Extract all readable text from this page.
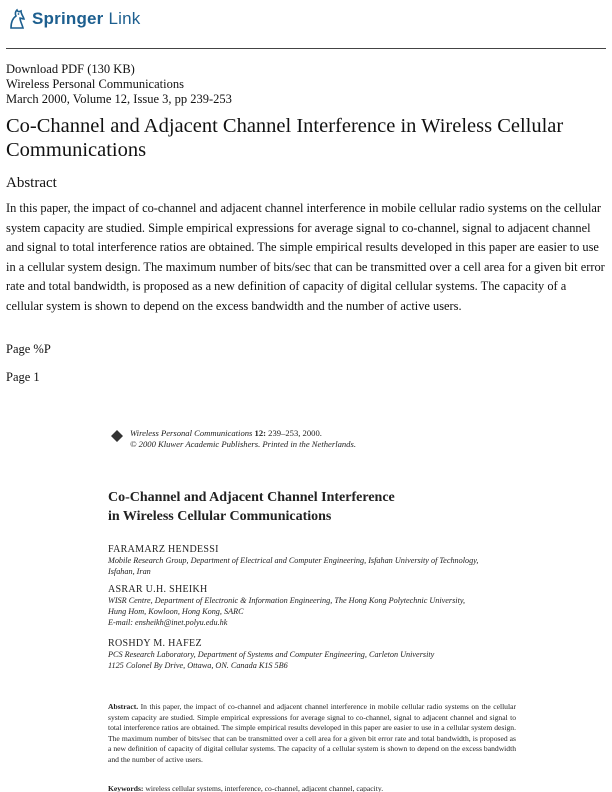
Springer Link
Download PDF (130 KB)
Wireless Personal Communications
March 2000, Volume 12, Issue 3, pp 239-253
Co-Channel and Adjacent Channel Interference in Wireless Cellular Communications
Abstract
In this paper, the impact of co-channel and adjacent channel interference in mobile cellular radio systems on the cellular system capacity are studied. Simple empirical expressions for average signal to co-channel, signal to adjacent channel and signal to total interference ratios are obtained. The simple empirical results developed in this paper are easier to use in a cellular system design. The maximum number of bits/sec that can be transmitted over a cell area for a given bit error rate and total bandwidth, is proposed as a new definition of capacity of digital cellular systems. The capacity of a cellular system is shown to depend on the excess bandwidth and the number of active users.
Page %P
Page 1
Wireless Personal Communications 12: 239–253, 2000.
© 2000 Kluwer Academic Publishers. Printed in the Netherlands.
Co-Channel and Adjacent Channel Interference
in Wireless Cellular Communications
FARAMARZ HENDESSI
Mobile Research Group, Department of Electrical and Computer Engineering, Isfahan University of Technology,
Isfahan, Iran
ASRAR U.H. SHEIKH
WISR Centre, Department of Electronic & Information Engineering, The Hong Kong Polytechnic University,
Hung Hom, Kowloon, Hong Kong, SARC
E-mail: ensheikh@inet.polyu.edu.hk
ROSHDY M. HAFEZ
PCS Research Laboratory, Department of Systems and Computer Engineering, Carleton University
1125 Colonel By Drive, Ottawa, ON. Canada K1S 5B6
Abstract. In this paper, the impact of co-channel and adjacent channel interference in mobile cellular radio systems on the cellular system capacity are studied. Simple empirical expressions for average signal to co-channel, signal to adjacent channel and signal to total interference ratios are obtained. The simple empirical results developed in this paper are easier to use in a cellular system design. The maximum number of bits/sec that can be transmitted over a cell area for a given bit error rate and total bandwidth, is proposed as a new definition of capacity of digital cellular systems. The capacity of a cellular system is shown to depend on the excess bandwidth and the number of active users.
Keywords: wireless cellular systems, interference, co-channel, adjacent channel, capacity.
